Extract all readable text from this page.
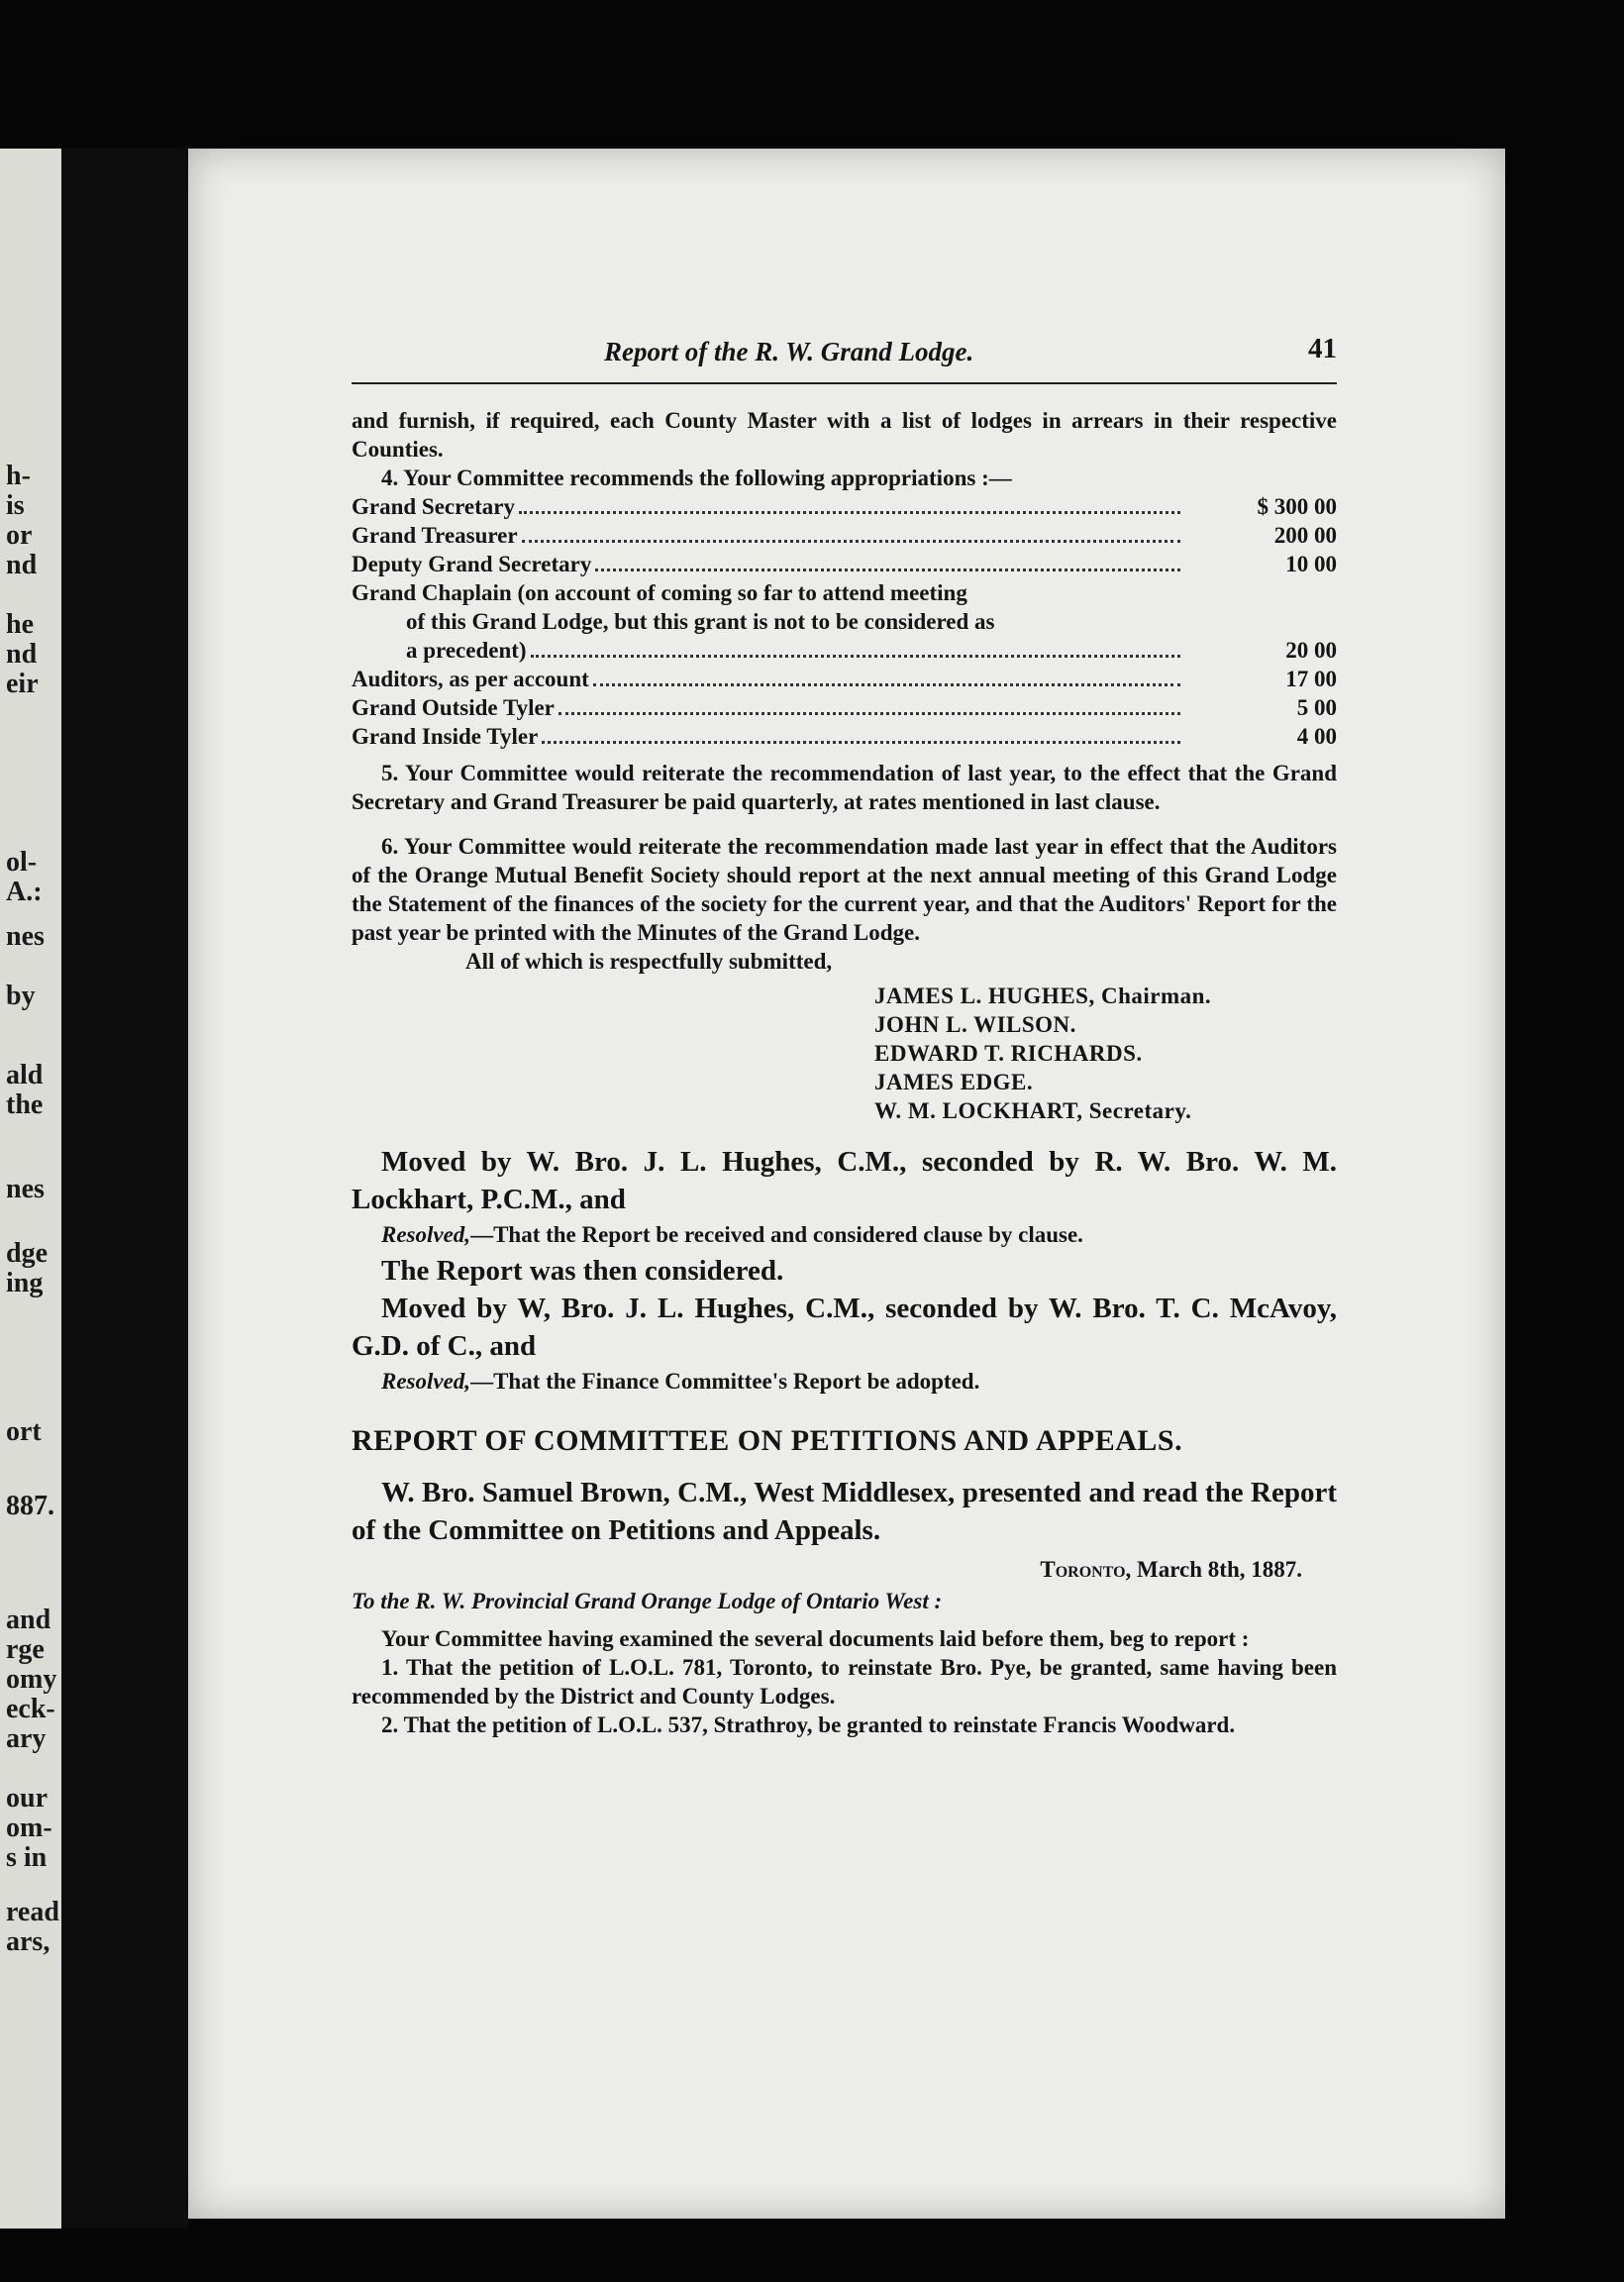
h-
is
or
nd
he
nd
eir
ol-
A.:
nes
by
ald
the
nes
dge
ing
ort
887.
and
rge
omy
eck-
ary
our
om-
s in
read
ars,
Report of the R. W. Grand Lodge.	41

and furnish, if required, each County Master with a list of lodges in arrears in their respective Counties.

4. Your Committee recommends the following appropriations :—

Grand Secretary	$ 300 00
Grand Treasurer	200 00
Deputy Grand Secretary	10 00
Grand Chaplain (on account of coming so far to attend meeting
of this Grand Lodge, but this grant is not to be considered as
a precedent)	20 00
Auditors, as per account	17 00
Grand Outside Tyler	5 00
Grand Inside Tyler	4 00

5. Your Committee would reiterate the recommendation of last year, to the effect that the Grand Secretary and Grand Treasurer be paid quarterly, at rates mentioned in last clause.

6. Your Committee would reiterate the recommendation made last year in effect that the Auditors of the Orange Mutual Benefit Society should report at the next annual meeting of this Grand Lodge the Statement of the finances of the society for the current year, and that the Auditors' Report for the past year be printed with the Minutes of the Grand Lodge.

All of which is respectfully submitted,

JAMES L. HUGHES, Chairman.
JOHN L. WILSON.
EDWARD T. RICHARDS.
JAMES EDGE.
W. M. LOCKHART, Secretary.

Moved by W. Bro. J. L. Hughes, C.M., seconded by R. W. Bro. W. M. Lockhart, P.C.M., and

Resolved,—That the Report be received and considered clause by clause.

The Report was then considered.

Moved by W, Bro. J. L. Hughes, C.M., seconded by W. Bro. T. C. McAvoy, G.D. of C., and

Resolved,—That the Finance Committee's Report be adopted.

REPORT OF COMMITTEE ON PETITIONS AND APPEALS.

W. Bro. Samuel Brown, C.M., West Middlesex, presented and read the Report of the Committee on Petitions and Appeals.

Toronto, March 8th, 1887.
To the R. W. Provincial Grand Orange Lodge of Ontario West :

Your Committee having examined the several documents laid before them, beg to report :

1. That the petition of L.O.L. 781, Toronto, to reinstate Bro. Pye, be granted, same having been recommended by the District and County Lodges.

2. That the petition of L.O.L. 537, Strathroy, be granted to reinstate Francis Woodward.
